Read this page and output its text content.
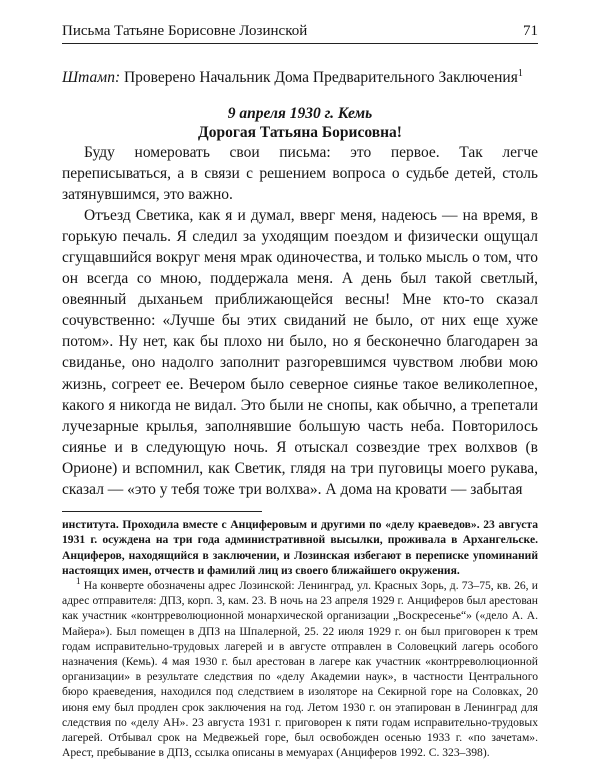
Письма Татьяне Борисовне Лозинской	71

Штамп: Проверено Начальник Дома Предварительного Заключения$^1$

9 апреля 1930 г. Кемь
Дорогая Татьяна Борисовна!

Буду номеровать свои письма: это первое. Так легче переписываться, а в связи с решением вопроса о судьбе детей, столь затянувшимся, это важно.

Отъезд Светика, как я и думал, вверг меня, надеюсь — на время, в горькую печаль. Я следил за уходящим поездом и физически ощущал сгущавшийся вокруг меня мрак одиночества, и только мысль о том, что он всегда со мною, поддержала меня. А день был такой светлый, овеянный дыханьем приближающейся весны! Мне кто-то сказал сочувственно: «Лучше бы этих свиданий не было, от них еще хуже потом». Ну нет, как бы плохо ни было, но я бесконечно благодарен за свиданье, оно надолго заполнит разгоревшимся чувством любви мою жизнь, согреет ее. Вечером было северное сиянье такое великолепное, какого я никогда не видал. Это были не снопы, как обычно, а трепетали лучезарные крылья, заполнявшие большую часть неба. Повторилось сиянье и в следующую ночь. Я отыскал созвездие трех волхвов (в Орионе) и вспомнил, как Светик, глядя на три пуговицы моего рукава, сказал — «это у тебя тоже три волхва». А дома на кровати — забытая

института. Проходила вместе с Анциферовым и другими по «делу краеведов». 23 августа 1931 г. осуждена на три года административной высылки, проживала в Архангельске. Анциферов, находящийся в заключении, и Лозинская избегают в переписке упоминаний настоящих имен, отчеств и фамилий лиц из своего ближайшего окружения.

$^1$ На конверте обозначены адрес Лозинской: Ленинград, ул. Красных Зорь, д. 73–75, кв. 26, и адрес отправителя: ДПЗ, корп. 3, кам. 23. В ночь на 23 апреля 1929 г. Анциферов был арестован как участник «контрреволюционной монархической организации „Воскресенье“» («дело А. А. Майера»). Был помещен в ДПЗ на Шпалерной, 25. 22 июля 1929 г. он был приговорен к трем годам исправительно-трудовых лагерей и в августе отправлен в Соловецкий лагерь особого назначения (Кемь). 4 мая 1930 г. был арестован в лагере как участник «контрреволюционной организации» в результате следствия по «делу Академии наук», в частности Центрального бюро краеведения, находился под следствием в изоляторе на Секирной горе на Соловках, 20 июня ему был продлен срок заключения на год. Летом 1930 г. он этапирован в Ленинград для следствия по «делу АН». 23 августа 1931 г. приговорен к пяти годам исправительно-трудовых лагерей. Отбывал срок на Медвежьей горе, был освобожден осенью 1933 г. «по зачетам». Арест, пребывание в ДПЗ, ссылка описаны в мемуарах (Анциферов 1992. С. 323–398).
